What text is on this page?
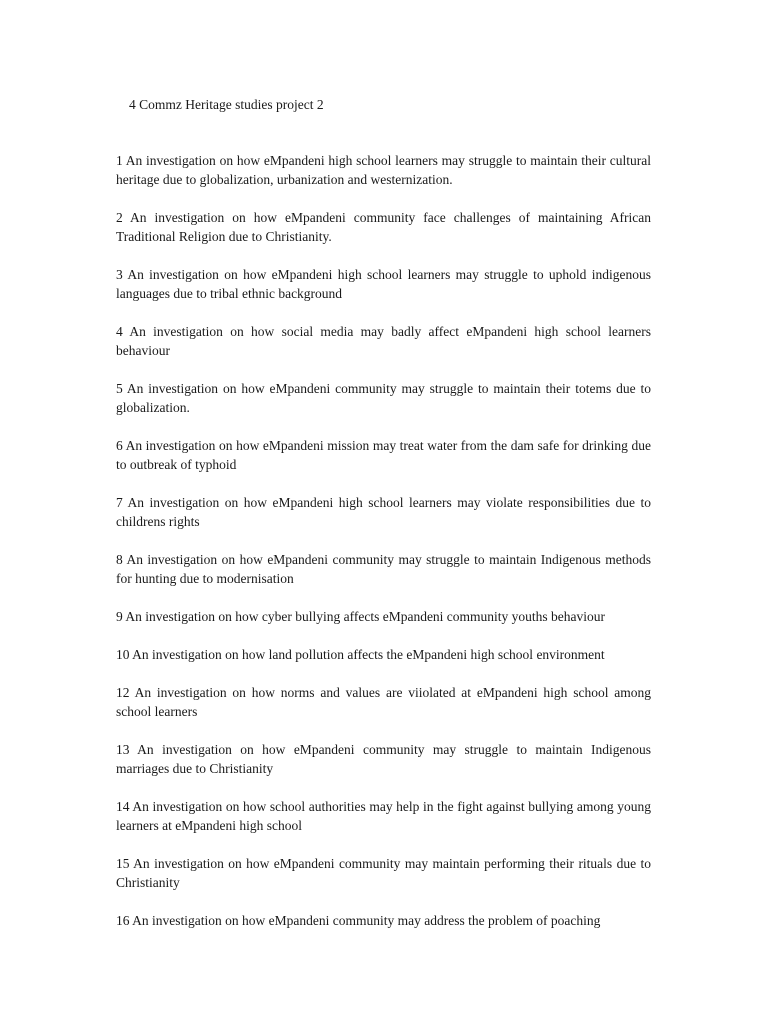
4 Commz Heritage studies project 2

1 An investigation on how eMpandeni high school learners may struggle to maintain their cultural heritage due to globalization, urbanization and westernization.

2 An investigation on how eMpandeni community face challenges of maintaining African Traditional Religion due to Christianity.

3 An investigation on how eMpandeni high school learners may struggle to uphold indigenous languages due to tribal ethnic background

4 An investigation on how social media may badly affect eMpandeni high school learners behaviour

5 An investigation on how eMpandeni community may struggle to maintain their totems due to globalization.

6 An investigation on how eMpandeni mission may treat water from the dam safe for drinking due to outbreak of typhoid

7 An investigation on how eMpandeni high school learners may violate responsibilities due to childrens rights

8 An investigation on how eMpandeni community may struggle to maintain Indigenous methods for hunting due to modernisation

9 An investigation on how cyber bullying affects eMpandeni community youths behaviour

10 An investigation on how land pollution affects the eMpandeni high school environment

12 An investigation on how norms and values are viiolated at eMpandeni high school among school learners

13 An investigation on how eMpandeni community may struggle to maintain Indigenous marriages due to Christianity

14 An investigation on how school authorities may help in the fight against bullying among young learners at eMpandeni high school

15 An investigation on how eMpandeni community may maintain performing their rituals due to Christianity

16 An investigation on how eMpandeni community may address the problem of poaching
